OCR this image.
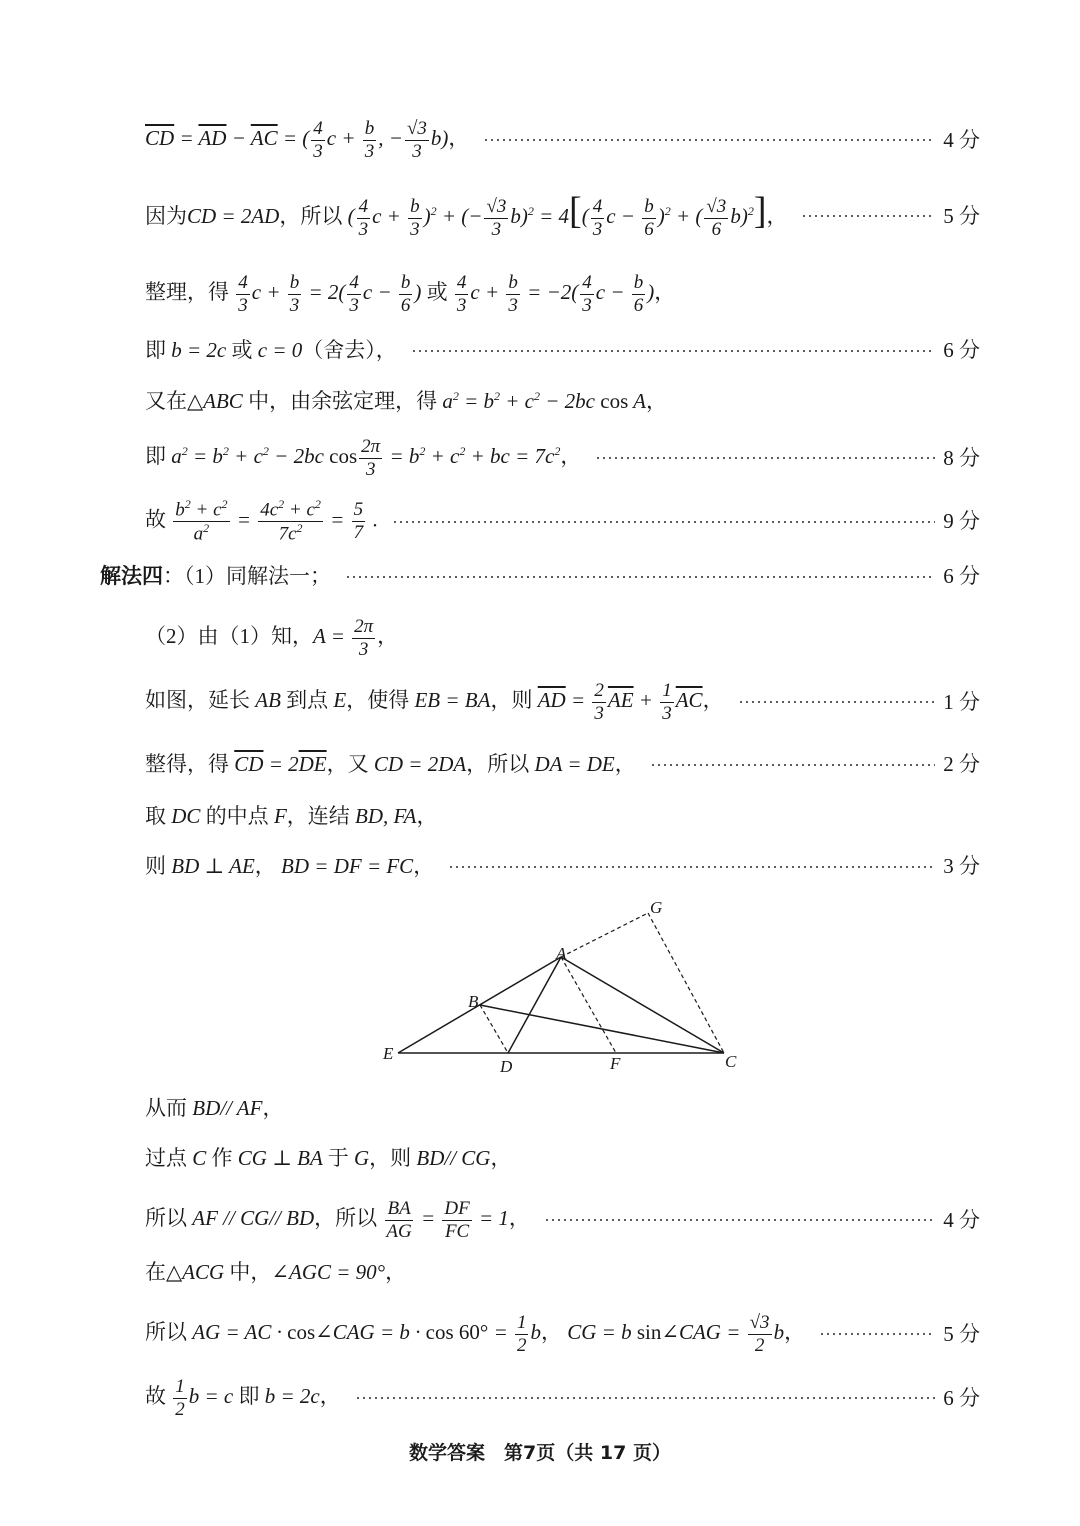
$\overline{CD} = \overline{AD} - \overline{AC}$ = ( $\frac{4}{3}$ $c + \frac{b}{3}$ , − $\frac{√3}{3} b$)，	4 分
因为CD = 2AD，所以 ( $\frac{4}{3}$ $c + \frac{b}{3} )^2$ + (− $\frac{√3}{3} b)^2 = 4[( \frac{4}{3}$ $c - \frac{b}{6} )^2$ + ( $\frac{√3}{6} b)^2$]，	5 分
整理，得 $\frac{4}{3}$ $c + \frac{b}{3} = 2( \frac{4}{3}$ $c - \frac{b}{6}$ ) 或 $\frac{4}{3}$ $c + \frac{b}{3} = -2( \frac{4}{3}$ $c - \frac{b}{6}$ )，
即 b = 2c 或 c = 0（舍去），	6 分
又在△ABC 中，由余弦定理，得 $a^2 = b^2 + c^2 - 2bc$ cos A，
即 $a^2 = b^2 + c^2 - 2bc$ $\cos \frac{2\pi}{3} = b^2 + c^2$ + bc = $7c^2$，	8 分
故 $\frac{b^2 + c^2}{a^2} = \frac{4c^2 + c^2}{7c^2} = \frac{5}{7}$ .	9 分
解法四：（1）同解法一；	6 分
（2）由（1）知，$A = \frac{2\pi}{3}$ ，
如图，延长 AB 到点 E，使得 EB = BA，则 $\overline{AD} = \frac{2}{3} \overline{AE} + \frac{1}{3} \overline{AC}$，	1 分
整得，得 $\overline{CD} = 2\overline{DE}$，又 CD = 2DA，所以 DA = DE，	2 分
取 DC 的中点 F，连结 BD, FA，
则 BD ⊥ AE， BD = DF = FC，	3 分
G
A
B
E
D	F	C
从而 BD// AF，
过点 C 作 CG ⊥ BA 于 G，则 BD// CG，
所以 AF // CG// BD，所以 $\frac{BA}{AG} = \frac{DF}{FC} = 1$，	4 分
在△ACG 中，∠AGC = 90°，
所以 AG = AC · cos∠CAG = $b \cdot \cos 60^\circ = \frac{1}{2}$ b， CG = b sin∠CAG = $\frac{√3}{2}$ b，	5 分
故 $\frac{1}{2}$ b = c 即 b = 2c，	6 分
数学答案　第7页（共 17 页）
